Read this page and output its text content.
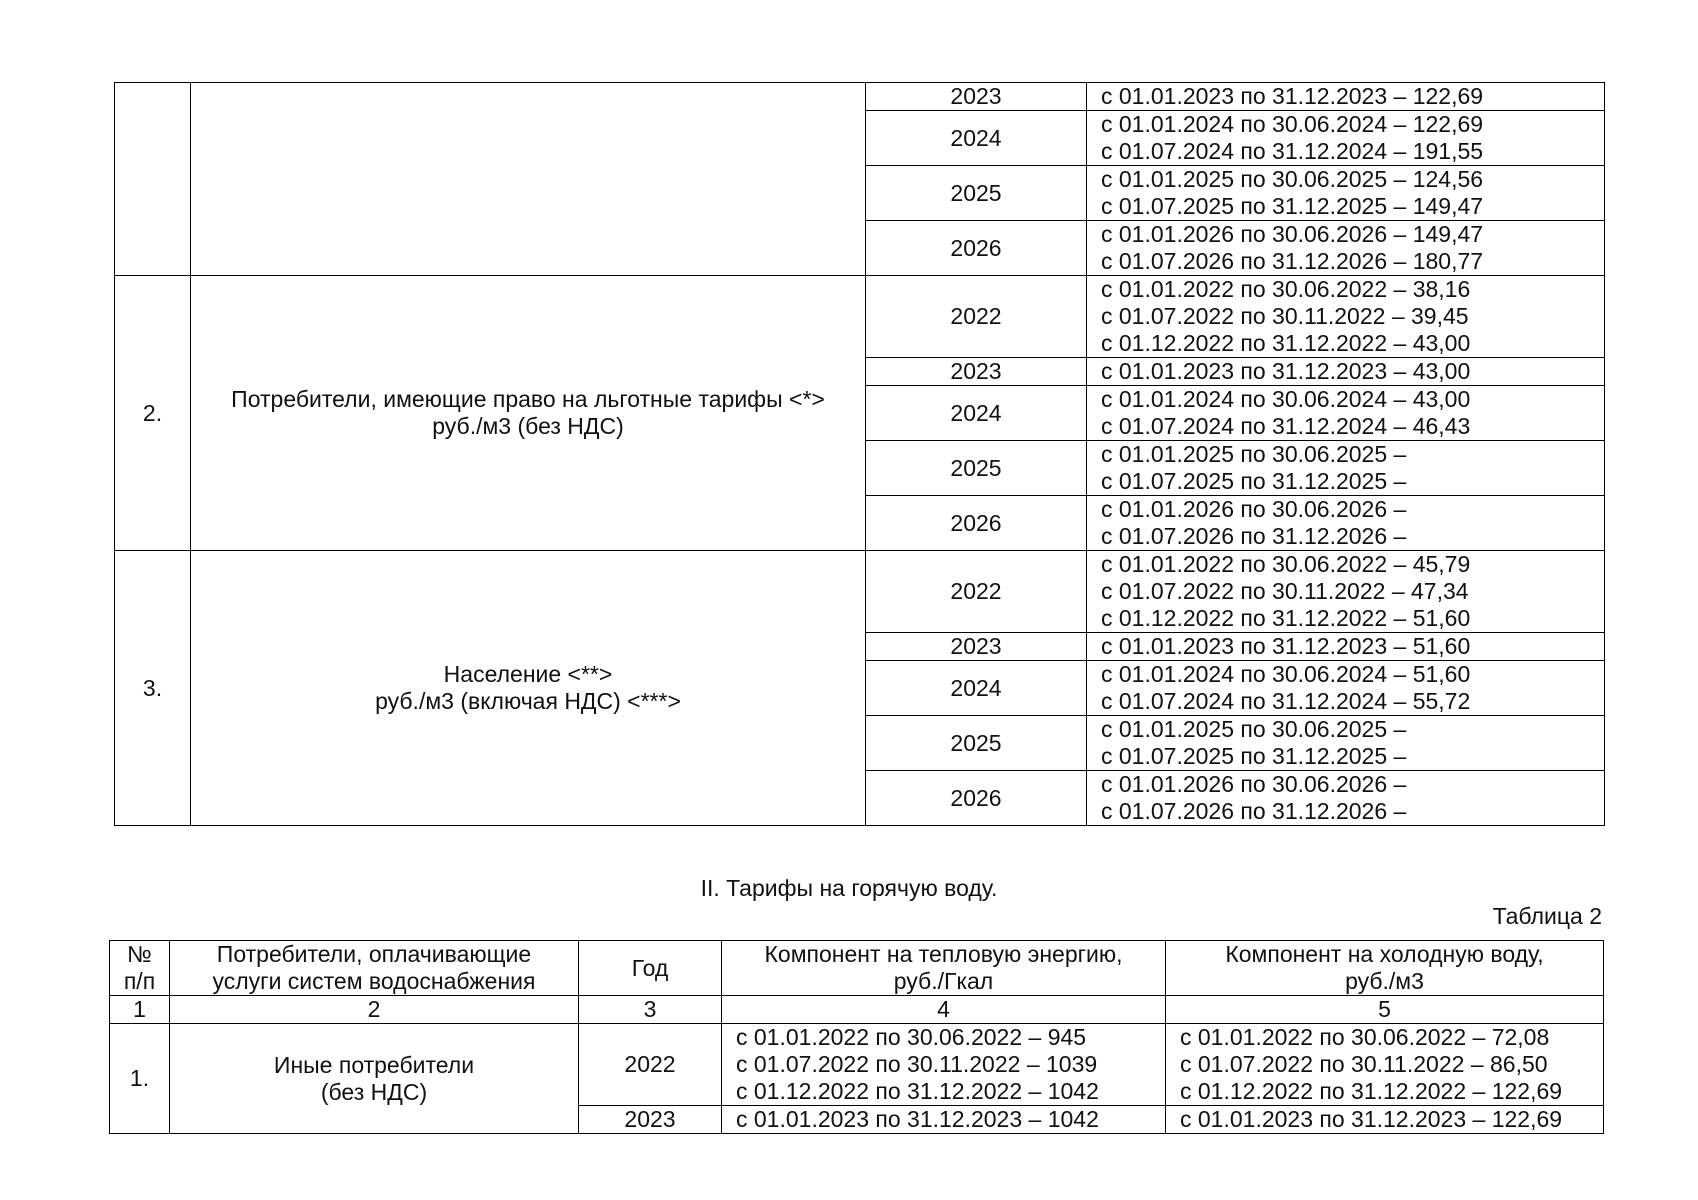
		2023	с 01.01.2023 по 31.12.2023 – 122,69

		2024	с 01.01.2024 по 30.06.2024 – 122,69
с 01.07.2024 по 31.12.2024 – 191,55

		2025	с 01.01.2025 по 30.06.2025 – 124,56
с 01.07.2025 по 31.12.2025 – 149,47

		2026	с 01.01.2026 по 30.06.2026 – 149,47
с 01.07.2026 по 31.12.2026 – 180,77

2.	Потребители, имеющие право на льготные тарифы <*>
руб./м3 (без НДС)	2022	с 01.01.2022 по 30.06.2022 – 38,16
с 01.07.2022 по 30.11.2022 – 39,45
с 01.12.2022 по 31.12.2022 – 43,00

		2023	с 01.01.2023 по 31.12.2023 – 43,00

		2024	с 01.01.2024 по 30.06.2024 – 43,00
с 01.07.2024 по 31.12.2024 – 46,43

		2025	с 01.01.2025 по 30.06.2025 –
с 01.07.2025 по 31.12.2025 –

		2026	с 01.01.2026 по 30.06.2026 –
с 01.07.2026 по 31.12.2026 –

3.	Население <**>
руб./м3 (включая НДС) <***>	2022	с 01.01.2022 по 30.06.2022 – 45,79
с 01.07.2022 по 30.11.2022 – 47,34
с 01.12.2022 по 31.12.2022 – 51,60

		2023	с 01.01.2023 по 31.12.2023 – 51,60

		2024	с 01.01.2024 по 30.06.2024 – 51,60
с 01.07.2024 по 31.12.2024 – 55,72

		2025	с 01.01.2025 по 30.06.2025 –
с 01.07.2025 по 31.12.2025 –

		2026	с 01.01.2026 по 30.06.2026 –
с 01.07.2026 по 31.12.2026 –
II. Тарифы на горячую воду.
Таблица 2
№
п/п	Потребители, оплачивающие
услуги систем водоснабжения	Год	Компонент на тепловую энергию,
руб./Гкал	Компонент на холодную воду,
руб./м3

1	2	3	4	5
1.	Иные потребители
(без НДС)	2022	с 01.01.2022 по 30.06.2022 – 945
с 01.07.2022 по 30.11.2022 – 1039
с 01.12.2022 по 31.12.2022 – 1042	с 01.01.2022 по 30.06.2022 – 72,08
с 01.07.2022 по 30.11.2022 – 86,50
с 01.12.2022 по 31.12.2022 – 122,69

		2023	с 01.01.2023 по 31.12.2023 – 1042	с 01.01.2023 по 31.12.2023 – 122,69
